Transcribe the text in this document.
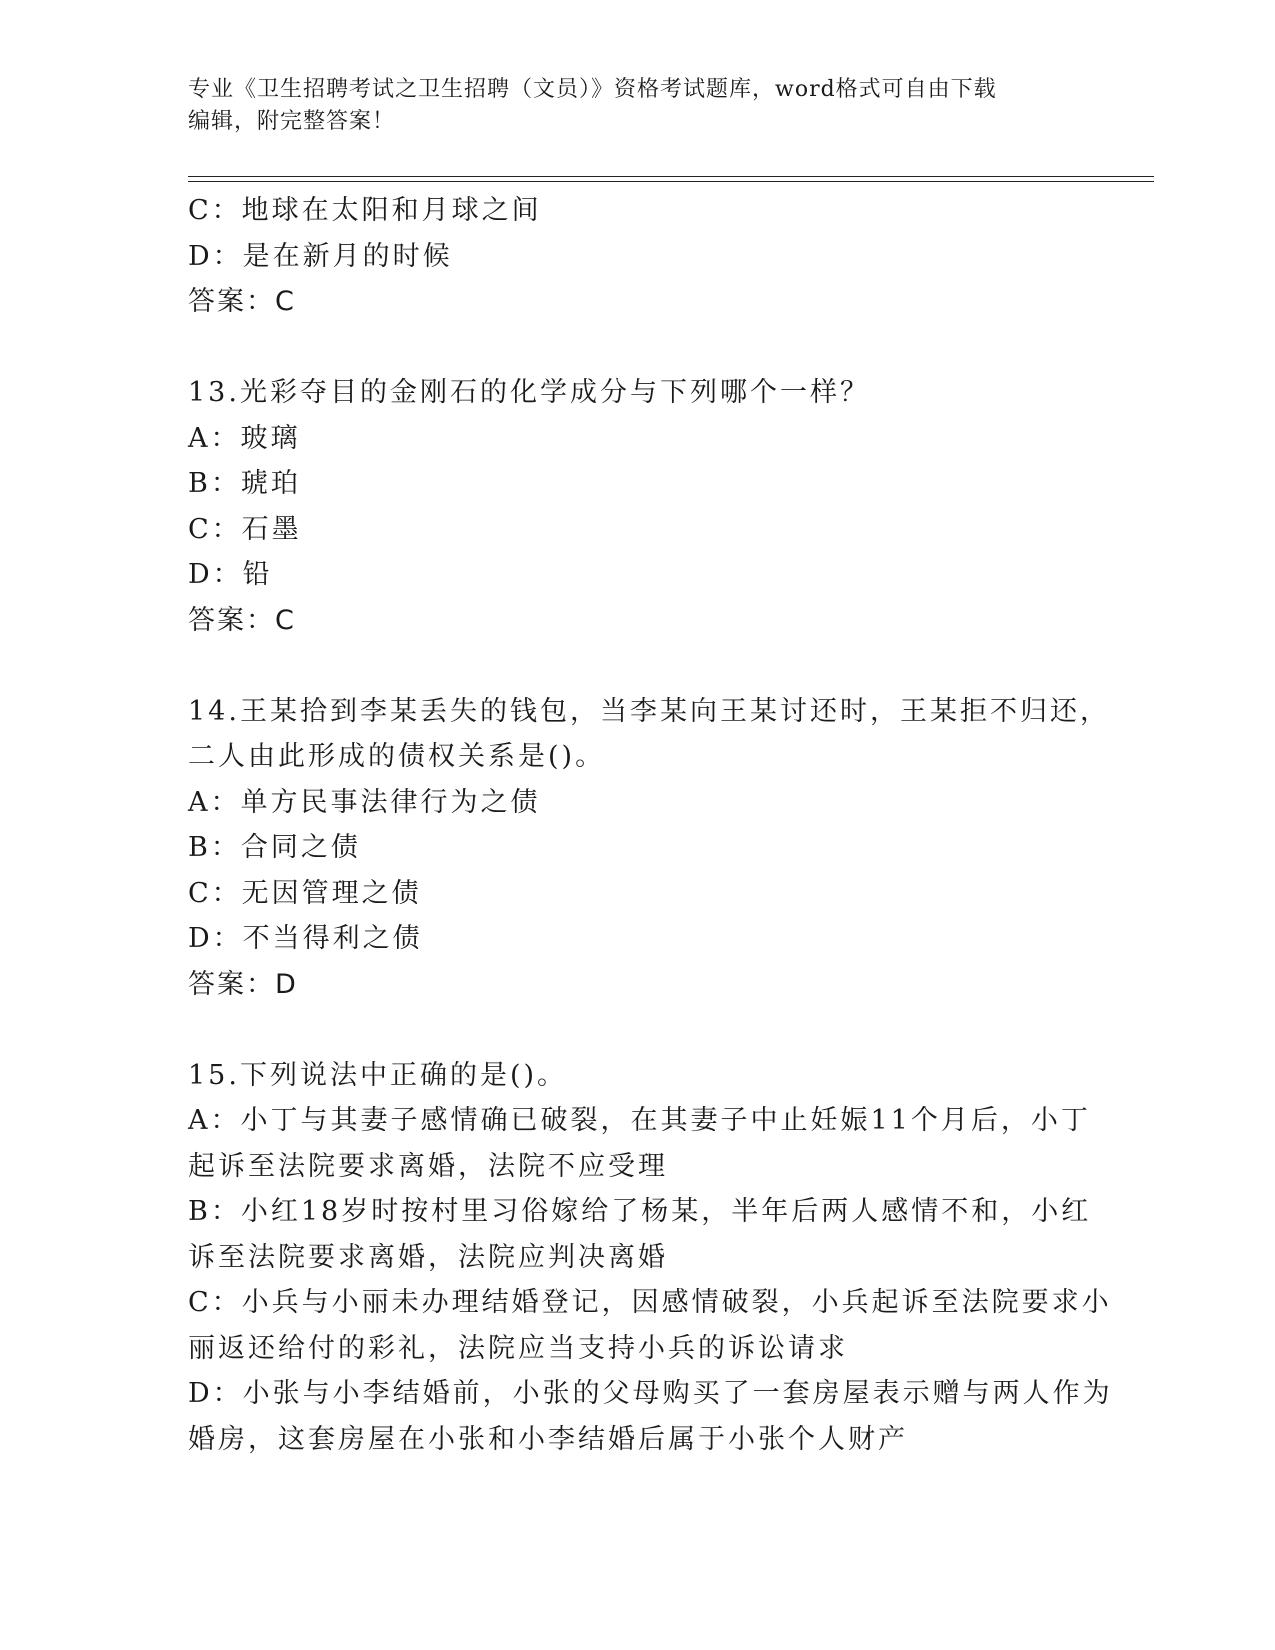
专业《卫生招聘考试之卫生招聘（文员）》资格考试题库，word格式可自由下载
编辑，附完整答案！
C：地球在太阳和月球之间
D：是在新月的时候
答案：C
13.光彩夺目的金刚石的化学成分与下列哪个一样？
A：玻璃
B：琥珀
C：石墨
D：铅
答案：C
14.王某拾到李某丢失的钱包，当李某向王某讨还时，王某拒不归还，
二人由此形成的债权关系是()。
A：单方民事法律行为之债
B：合同之债
C：无因管理之债
D：不当得利之债
答案：D
15.下列说法中正确的是()。
A：小丁与其妻子感情确已破裂，在其妻子中止妊娠11个月后，小丁
起诉至法院要求离婚，法院不应受理
B：小红18岁时按村里习俗嫁给了杨某，半年后两人感情不和，小红
诉至法院要求离婚，法院应判决离婚
C：小兵与小丽未办理结婚登记，因感情破裂，小兵起诉至法院要求小
丽返还给付的彩礼，法院应当支持小兵的诉讼请求
D：小张与小李结婚前，小张的父母购买了一套房屋表示赠与两人作为
婚房，这套房屋在小张和小李结婚后属于小张个人财产
